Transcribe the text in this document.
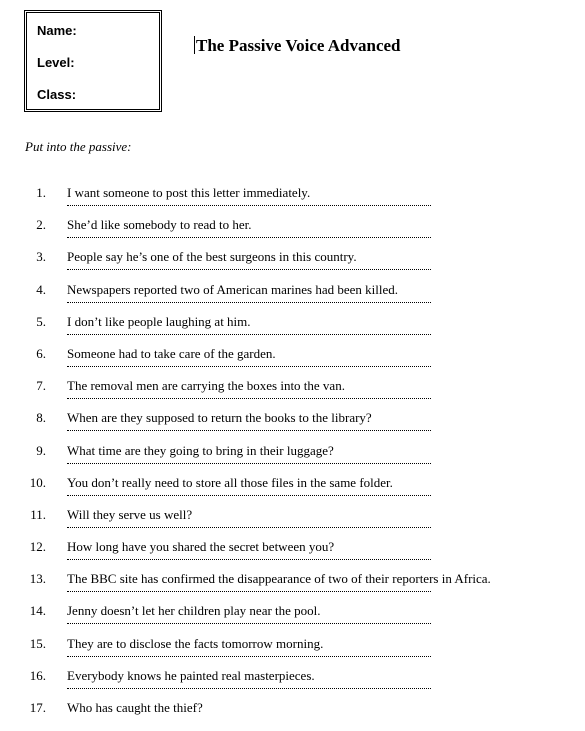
Name:
Level:
Class:
The Passive Voice Advanced
Put into the passive:
1. I want someone to post this letter immediately.
2. She’d like somebody to read to her.
3. People say he’s one of the best surgeons in this country.
4. Newspapers reported two of American marines had been killed.
5. I don’t like people laughing at him.
6. Someone had to take care of the garden.
7. The removal men are carrying the boxes into the van.
8. When are they supposed to return the books to the library?
9. What time are they going to bring in their luggage?
10. You don’t really need to store all those files in the same folder.
11. Will they serve us well?
12. How long have you shared the secret between you?
13. The BBC site has confirmed the disappearance of two of their reporters in Africa.
14. Jenny doesn’t let her children play near the pool.
15. They are to disclose the facts tomorrow morning.
16. Everybody knows he painted real masterpieces.
17. Who has caught the thief?
